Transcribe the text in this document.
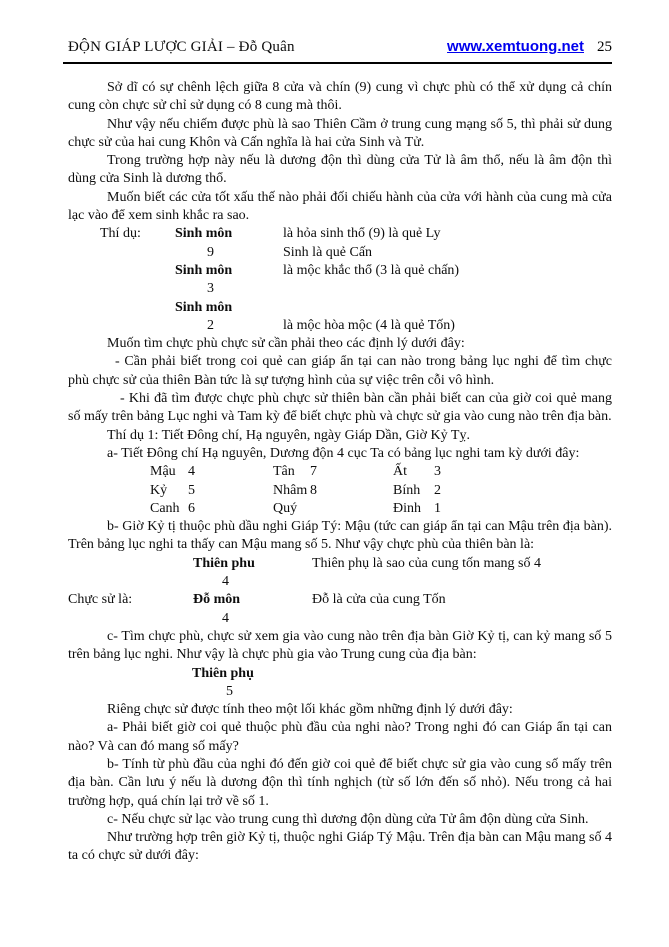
ĐỘN GIÁP LƯỢC GIẢI – Đỗ Quân	www.xemtuong.net 25

Sở dĩ có sự chênh lệch giữa 8 cửa và chín (9) cung vì chực phù có thể xử dụng cả chín cung còn chực sử chỉ sử dụng có 8 cung mà thôi.

Như vậy nếu chiếm được phù là sao Thiên Cầm ở trung cung mạng số 5, thì phải sử dung chực sử của hai cung Khôn và Cấn nghĩa là hai cửa Sinh và Tử.

Trong trường hợp này nếu là dương độn thì dùng cửa Tử là âm thổ, nếu là âm độn thì dùng cửa Sinh là dương thổ.

Muốn biết các cửa tốt xấu thế nào phải đối chiếu hành của cửa với hành của cung mà cửa lạc vào để xem sinh khắc ra sao.

Thí dụ:	Sinh môn	là hỏa sinh thổ (9) là quẻ Ly
9	Sinh là quẻ Cấn
Sinh môn	là mộc khắc thổ (3 là quẻ chấn)
3
Sinh môn
2	là mộc hòa mộc (4 là quẻ Tốn)

Muốn tìm chực phù chực sử cần phải theo các định lý dưới đây:

- Cần phải biết trong coi quẻ can giáp ẩn tại can nào trong bảng lục nghi để tìm chực phù chực sử của thiên Bàn tức là sự tượng hình của sự việc trên cỗi vô hình.

- Khi đã tìm được chực phù chực sử thiên bàn cần phải biết can của giờ coi quẻ mang số mấy trên bảng Lục nghi và Tam kỳ để biết chực phù và chực sử gia vào cung nào trên địa bàn.

Thí dụ 1: Tiết Đông chí, Hạ nguyên, ngày Giáp Dần, Giờ Kỷ Tỵ.

a- Tiết Đông chí Hạ nguyên, Dương độn 4 cục Ta có bảng lục nghi tam kỳ dưới đây:

Mậu 4	Tân	7	Ất	3
Kỷ	5	Nhâm 8	Bính 2
Canh 6	Quý	Đinh 1

b- Giờ Kỷ tị thuộc phù dầu nghi Giáp Tý: Mậu (tức can giáp ẩn tại can Mậu trên địa bàn). Trên bảng lục nghi ta thấy can Mậu mang số 5. Như vậy chực phù của thiên bàn là:

Thiên phu	Thiên phụ là sao của cung tốn mang số 4
4
Chực sử là:	Đỗ môn	Đỗ là cửa của cung Tốn
4

c- Tìm chực phù, chực sử xem gia vào cung nào trên địa bàn Giờ Kỷ tị, can kỷ mang số 5 trên bảng lục nghi. Như vậy là chực phù gia vào Trung cung của địa bàn:

Thiên phụ
5

Riêng chực sử được tính theo một lối khác gồm những định lý dưới đây:

a- Phải biết giờ coi quẻ thuộc phù đầu của nghi nào? Trong nghi đó can Giáp ẩn tại can nào? Và can đó mang số mấy?

b- Tính từ phù đầu của nghi đó đến giờ coi quẻ để biết chực sử gia vào cung số mấy trên địa bàn. Cần lưu ý nếu là dương độn thì tính nghịch (từ số lớn đến số nhỏ). Nếu trong cả hai trường hợp, quá chín lại trở về số 1.

c- Nếu chực sử lạc vào trung cung thì dương độn dùng cửa Tử âm độn dùng cửa Sinh.

Như trường hợp trên giờ Kỷ tị, thuộc nghi Giáp Tý Mậu. Trên địa bàn can Mậu mang số 4 ta có chực sử dưới đây:
